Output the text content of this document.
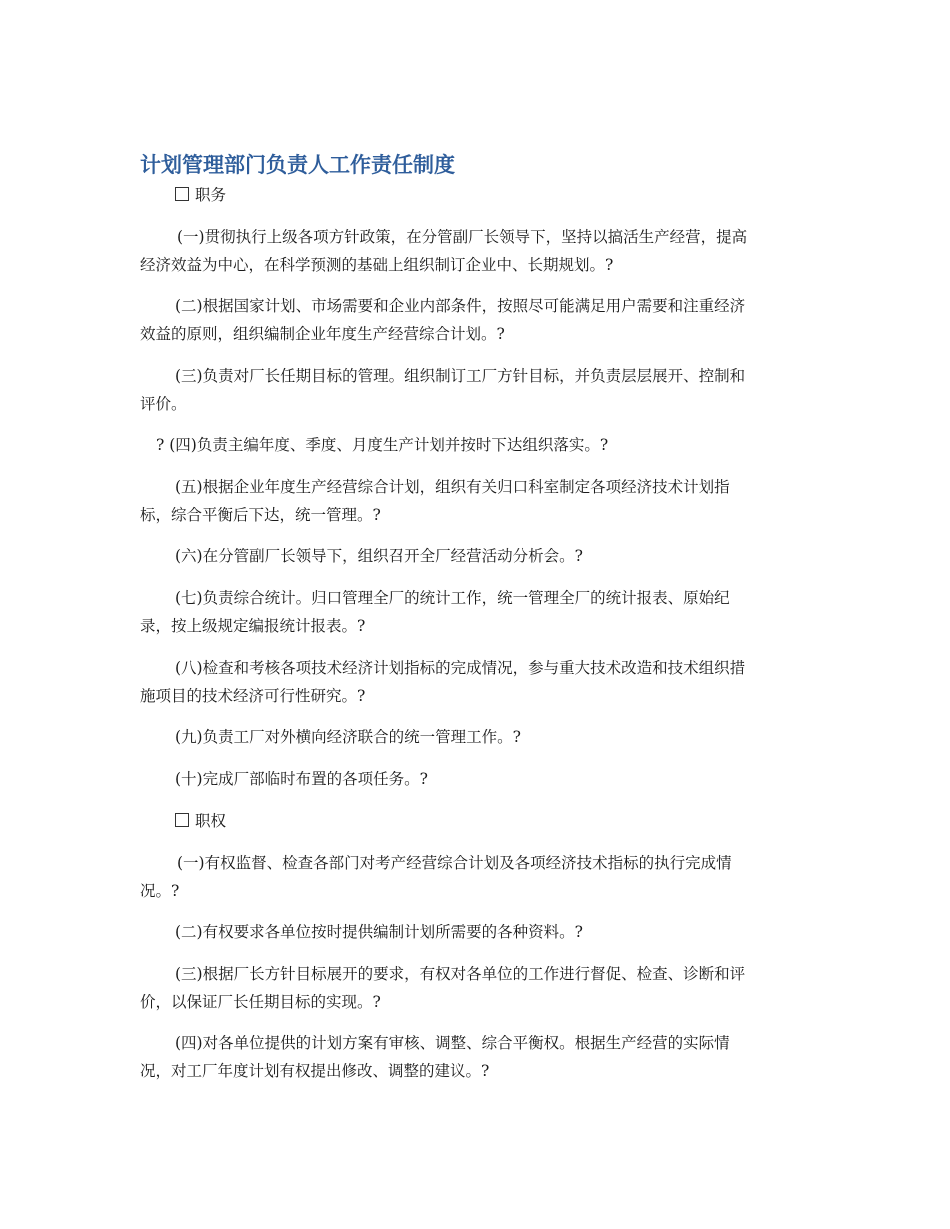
计划管理部门负责人工作责任制度
职务
(一)贯彻执行上级各项方针政策，在分管副厂长领导下，坚持以搞活生产经营，提高
经济效益为中心，在科学预测的基础上组织制订企业中、长期规划。?
(二)根据国家计划、市场需要和企业内部条件，按照尽可能满足用户需要和注重经济
效益的原则，组织编制企业年度生产经营综合计划。?
(三)负责对厂长任期目标的管理。组织制订工厂方针目标，并负责层层展开、控制和
评价。
? (四)负责主编年度、季度、月度生产计划并按时下达组织落实。?
(五)根据企业年度生产经营综合计划，组织有关归口科室制定各项经济技术计划指
标，综合平衡后下达，统一管理。?
(六)在分管副厂长领导下，组织召开全厂经营活动分析会。?
(七)负责综合统计。归口管理全厂的统计工作，统一管理全厂的统计报表、原始纪
录，按上级规定编报统计报表。?
(八)检查和考核各项技术经济计划指标的完成情况，参与重大技术改造和技术组织措
施项目的技术经济可行性研究。?
(九)负责工厂对外横向经济联合的统一管理工作。?
(十)完成厂部临时布置的各项任务。?
职权
(一)有权监督、检查各部门对考产经营综合计划及各项经济技术指标的执行完成情
况。?
(二)有权要求各单位按时提供编制计划所需要的各种资料。?
(三)根据厂长方针目标展开的要求，有权对各单位的工作进行督促、检查、诊断和评
价，以保证厂长任期目标的实现。?
(四)对各单位提供的计划方案有审核、调整、综合平衡权。根据生产经营的实际情
况，对工厂年度计划有权提出修改、调整的建议。?
